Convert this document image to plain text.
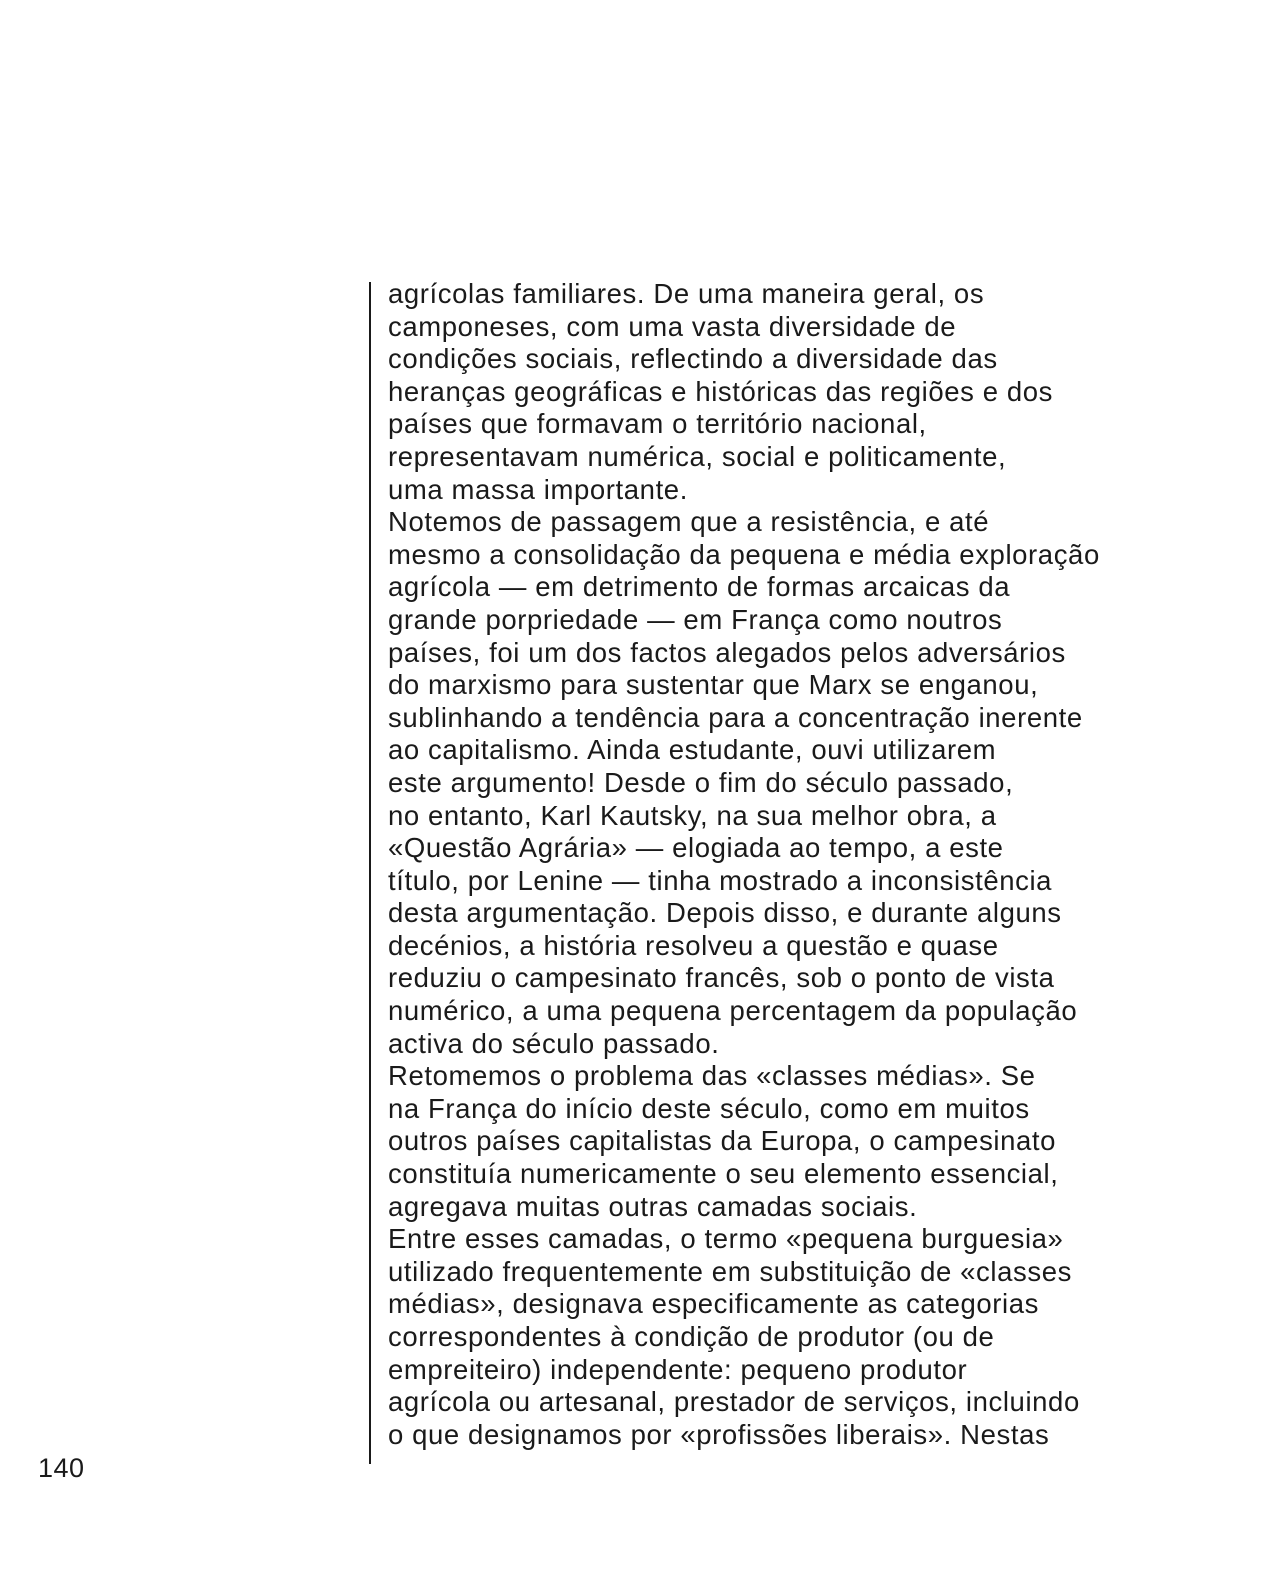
agrícolas familiares. De uma maneira geral, os
camponeses, com uma vasta diversidade de
condições sociais, reflectindo a diversidade das
heranças geográficas e históricas das regiões e dos
países que formavam o território nacional,
representavam numérica, social e politicamente,
uma massa importante.
Notemos de passagem que a resistência, e até
mesmo a consolidação da pequena e média exploração
agrícola — em detrimento de formas arcaicas da
grande porpriedade — em França como noutros
países, foi um dos factos alegados pelos adversários
do marxismo para sustentar que Marx se enganou,
sublinhando a tendência para a concentração inerente
ao capitalismo. Ainda estudante, ouvi utilizarem
este argumento! Desde o fim do século passado,
no entanto, Karl Kautsky, na sua melhor obra, a
«Questão Agrária» — elogiada ao tempo, a este
título, por Lenine — tinha mostrado a inconsistência
desta argumentação. Depois disso, e durante alguns
decénios, a história resolveu a questão e quase
reduziu o campesinato francês, sob o ponto de vista
numérico, a uma pequena percentagem da população
activa do século passado.
Retomemos o problema das «classes médias». Se
na França do início deste século, como em muitos
outros países capitalistas da Europa, o campesinato
constituía numericamente o seu elemento essencial,
agregava muitas outras camadas sociais.
Entre esses camadas, o termo «pequena burguesia»
utilizado frequentemente em substituição de «classes
médias», designava especificamente as categorias
correspondentes à condição de produtor (ou de
empreiteiro) independente: pequeno produtor
agrícola ou artesanal, prestador de serviços, incluindo
o que designamos por «profissões liberais». Nestas
140
